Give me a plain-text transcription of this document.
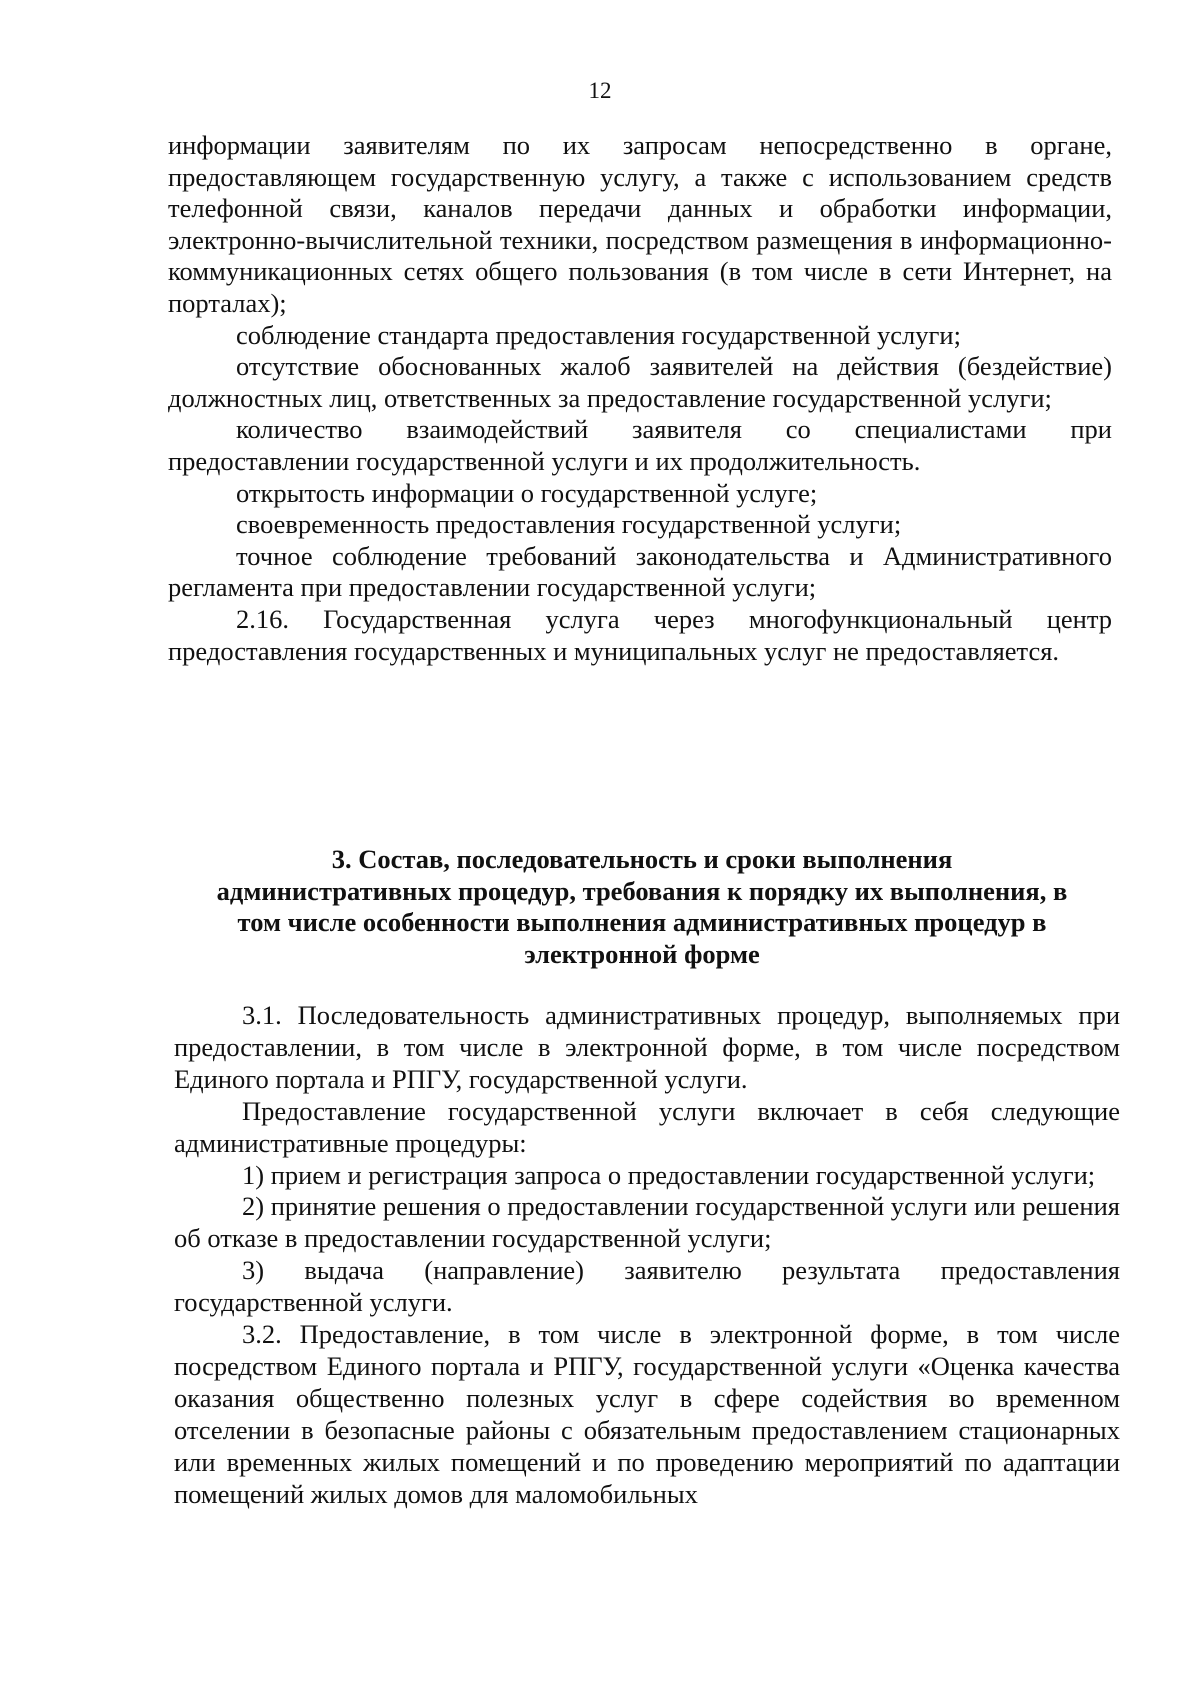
12

информации заявителям по их запросам непосредственно в органе, предоставляющем государственную услугу, а также с использованием средств телефонной связи, каналов передачи данных и обработки информации, электронно-вычислительной техники, посредством размещения в информационно-коммуникационных сетях общего пользования (в том числе в сети Интернет, на порталах);

соблюдение стандарта предоставления государственной услуги;

отсутствие обоснованных жалоб заявителей на действия (бездействие) должностных лиц, ответственных за предоставление государственной услуги;

количество взаимодействий заявителя со специалистами при предоставлении государственной услуги и их продолжительность.

открытость информации о государственной услуге;

своевременность предоставления государственной услуги;

точное соблюдение требований законодательства и Административного регламента при предоставлении государственной услуги;

2.16. Государственная услуга через многофункциональный центр предоставления государственных и муниципальных услуг не предоставляется.

3. Состав, последовательность и сроки выполнения
административных процедур, требования к порядку их выполнения, в
том числе особенности выполнения административных процедур в
электронной форме

3.1. Последовательность административных процедур, выполняемых при предоставлении, в том числе в электронной форме, в том числе посредством Единого портала и РПГУ, государственной услуги.

Предоставление государственной услуги включает в себя следующие административные процедуры:

1) прием и регистрация запроса о предоставлении государственной услуги;

2) принятие решения о предоставлении государственной услуги или решения об отказе в предоставлении государственной услуги;

3) выдача (направление) заявителю результата предоставления государственной услуги.

3.2. Предоставление, в том числе в электронной форме, в том числе посредством Единого портала и РПГУ, государственной услуги «Оценка качества оказания общественно полезных услуг в сфере содействия во временном отселении в безопасные районы с обязательным предоставлением стационарных или временных жилых помещений и по проведению мероприятий по адаптации помещений жилых домов для маломобильных
